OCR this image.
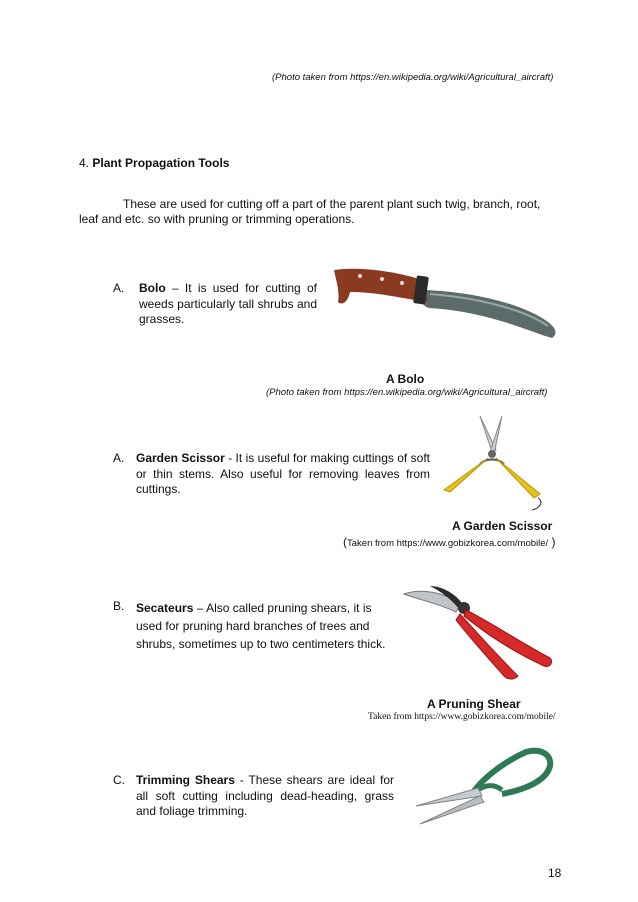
(Photo taken from https://en.wikipedia.org/wiki/Agricultural_aircraft)
4. Plant Propagation Tools
These are used for cutting off a part of the parent plant such twig, branch, root,
leaf and etc. so with pruning or trimming operations.
A. Bolo – It is used for cutting of weeds particularly tall shrubs and grasses.
A Bolo
(Photo taken from https://en.wikipedia.org/wiki/Agricultural_aircraft)
A. Garden Scissor - It is useful for making cuttings of soft or thin stems. Also useful for removing leaves from cuttings.
A Garden Scissor
(Taken from https://www.gobizkorea.com/mobile/ )
B. Secateurs – Also called pruning shears, it is
used for pruning hard branches of trees and
shrubs, sometimes up to two centimeters thick.
A Pruning Shear
Taken from https://www.gobizkorea.com/mobile/
C. Trimming Shears - These shears are ideal for all soft cutting including dead-heading, grass and foliage trimming.
18
